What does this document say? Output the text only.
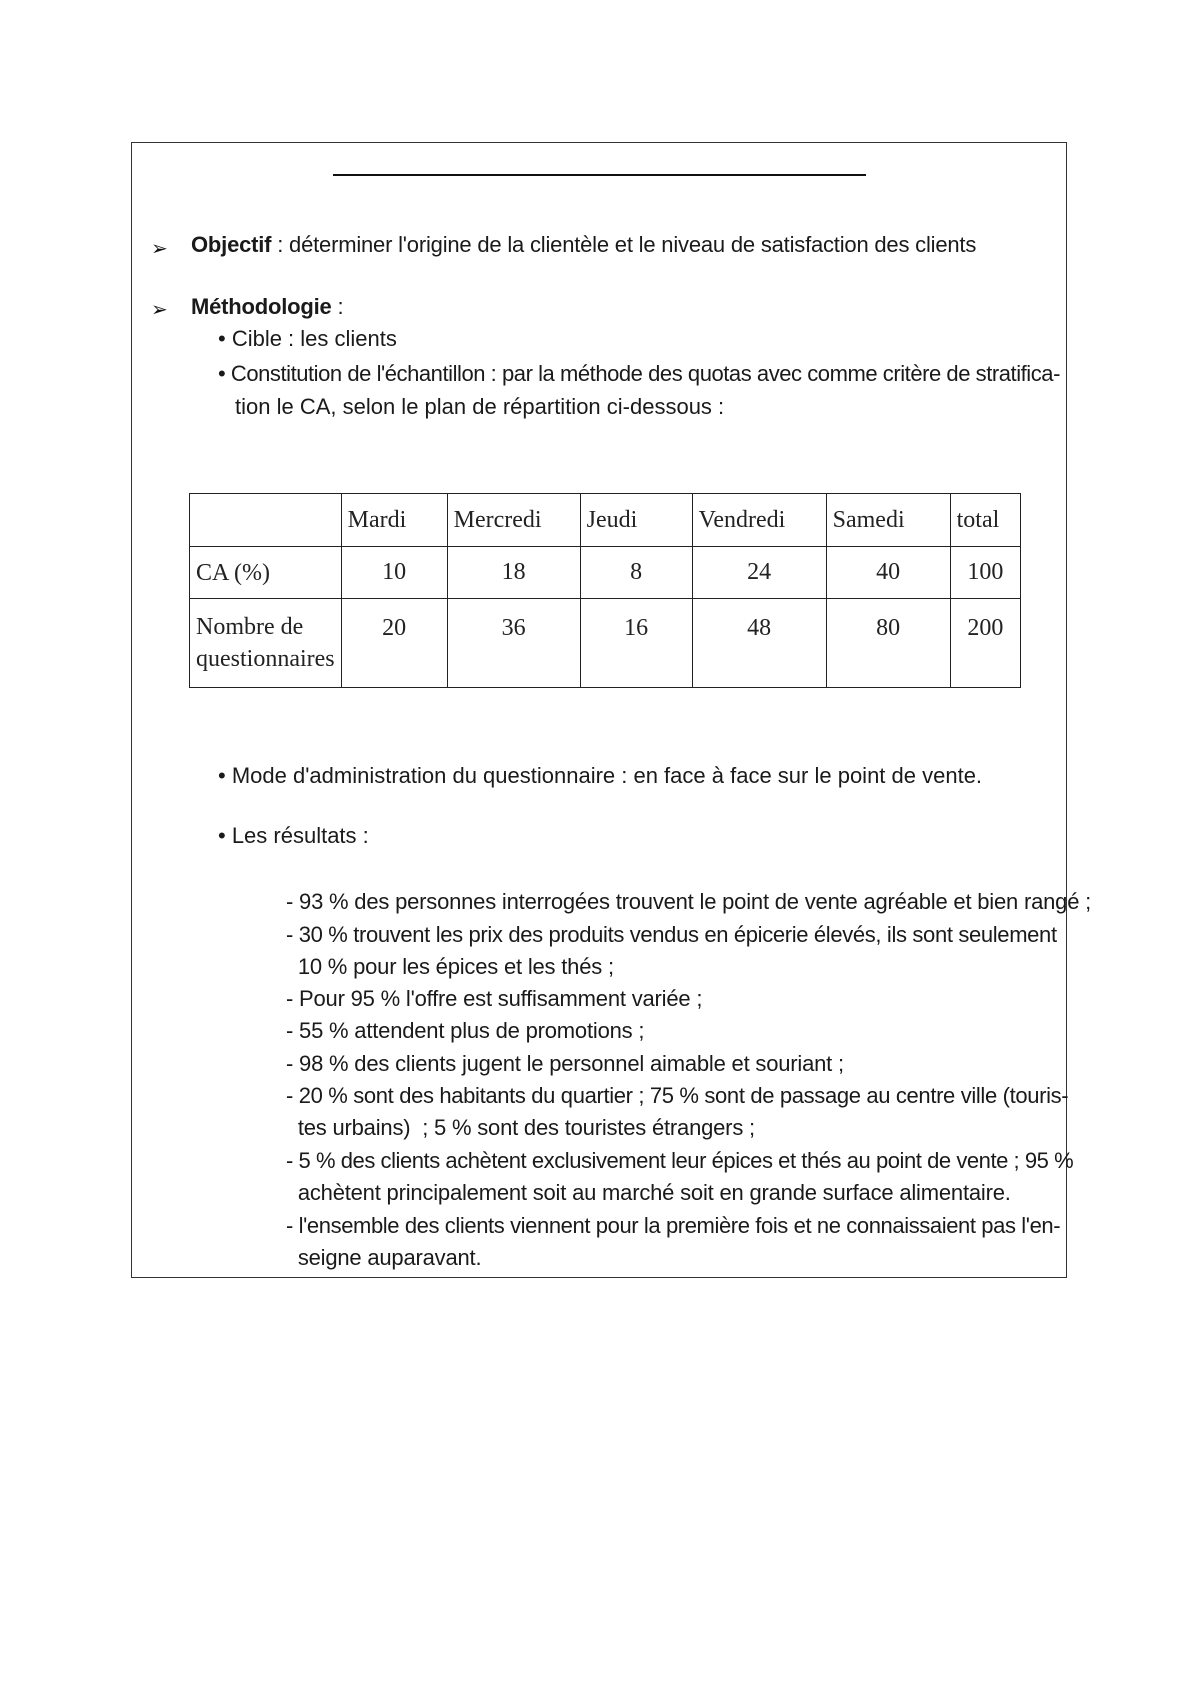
➢ Objectif : déterminer l'origine de la clientèle et le niveau de satisfaction des clients
➢ Méthodologie :
• Cible : les clients
• Constitution de l'échantillon : par la méthode des quotas avec comme critère de stratifica-
tion le CA, selon le plan de répartition ci-dessous :
	Mardi	Mercredi	Jeudi	Vendredi	Samedi	total
CA (%)	10	18	8	24	40	100

Nombre de
questionnaires	20	36	16	48	80	200
• Mode d'administration du questionnaire : en face à face sur le point de vente.
• Les résultats :
- 93 % des personnes interrogées trouvent le point de vente agréable et bien rangé ;
- 30 % trouvent les prix des produits vendus en épicerie élevés, ils sont seulement
10 % pour les épices et les thés ;
- Pour 95 % l'offre est suffisamment variée ;
- 55 % attendent plus de promotions ;
- 98 % des clients jugent le personnel aimable et souriant ;
- 20 % sont des habitants du quartier ; 75 % sont de passage au centre ville (touris-
tes urbains)  ; 5 % sont des touristes étrangers ;
- 5 % des clients achètent exclusivement leur épices et thés au point de vente ; 95 %
achètent principalement soit au marché soit en grande surface alimentaire.
- l'ensemble des clients viennent pour la première fois et ne connaissaient pas l'en-
seigne auparavant.
